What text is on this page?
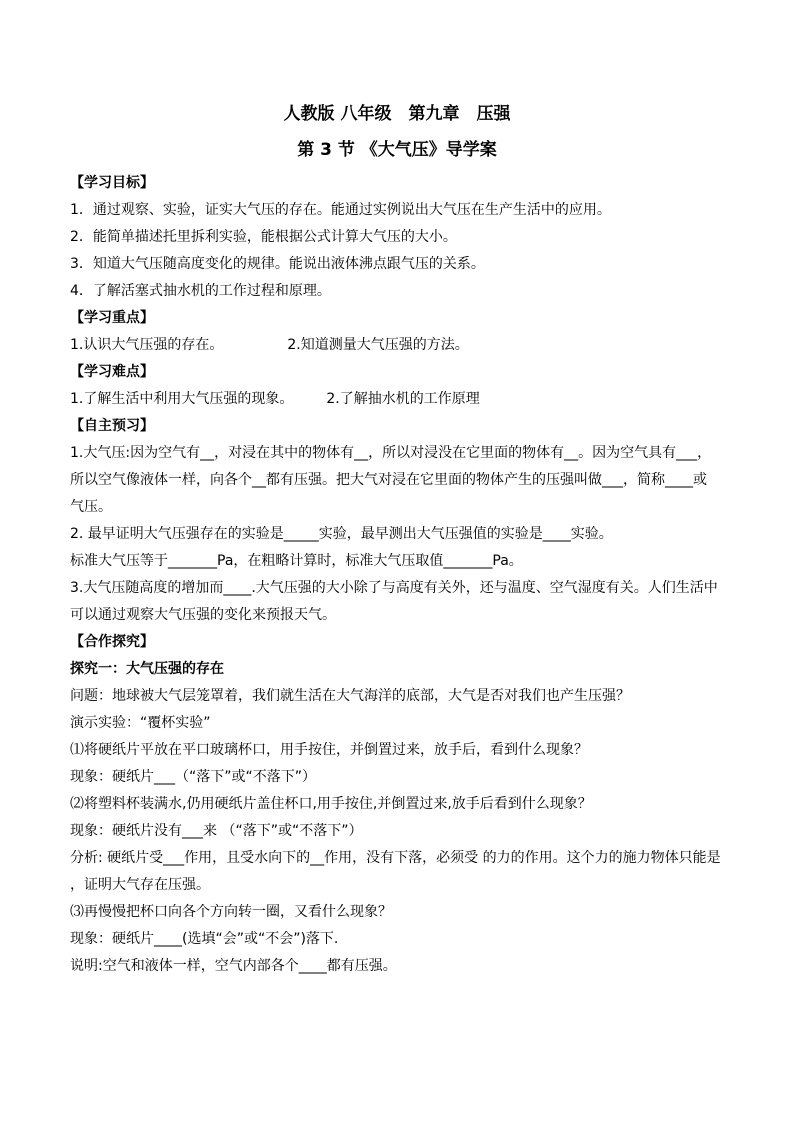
人教版 八年级　第九章　压强
第 3 节 《大气压》导学案

【学习目标】

1．通过观察、实验，证实大气压的存在。能通过实例说出大气压在生产生活中的应用。

2．能简单描述托里拆利实验，能根据公式计算大气压的大小。

3．知道大气压随高度变化的规律。能说出液体沸点跟气压的关系。

4．了解活塞式抽水机的工作过程和原理。

【学习重点】

1.认识大气压强的存在。	2.知道测量大气压强的方法。

【学习难点】

1.了解生活中利用大气压强的现象。 2.了解抽水机的工作原理

【自主预习】

1.大气压:因为空气有__，对浸在其中的物体有__，所以对浸没在它里面的物体有__。因为空气具有___，

所以空气像液体一样，向各个__都有压强。把大气对浸在它里面的物体产生的压强叫做___，简称____或

气压。

2. 最早证明大气压强存在的实验是_____实验，最早测出大气压强值的实验是____实验。

标准大气压等于_______Pa，在粗略计算时，标准大气压取值_______Pa。

3.大气压随高度的增加而____.大气压强的大小除了与高度有关外，还与温度、空气湿度有关。人们生活中

可以通过观察大气压强的变化来预报天气。

【合作探究】

探究一：大气压强的存在

问题：地球被大气层笼罩着，我们就生活在大气海洋的底部，大气是否对我们也产生压强？

演示实验：“覆杯实验”

⑴将硬纸片平放在平口玻璃杯口，用手按住，并倒置过来，放手后，看到什么现象？

现象：硬纸片___（“落下”或“不落下”）

⑵将塑料杯装满水,仍用硬纸片盖住杯口,用手按住,并倒置过来,放手后看到什么现象？

现象：硬纸片没有___来 （“落下”或“不落下”）

分析: 硬纸片受___作用，且受水向下的__作用，没有下落，必须受 的力的作用。这个力的施力物体只能是

，证明大气存在压强。

⑶再慢慢把杯口向各个方向转一圈，又看什么现象？

现象：硬纸片____(选填“会”或“不会”)落下.

说明:空气和液体一样，空气内部各个____都有压强。
